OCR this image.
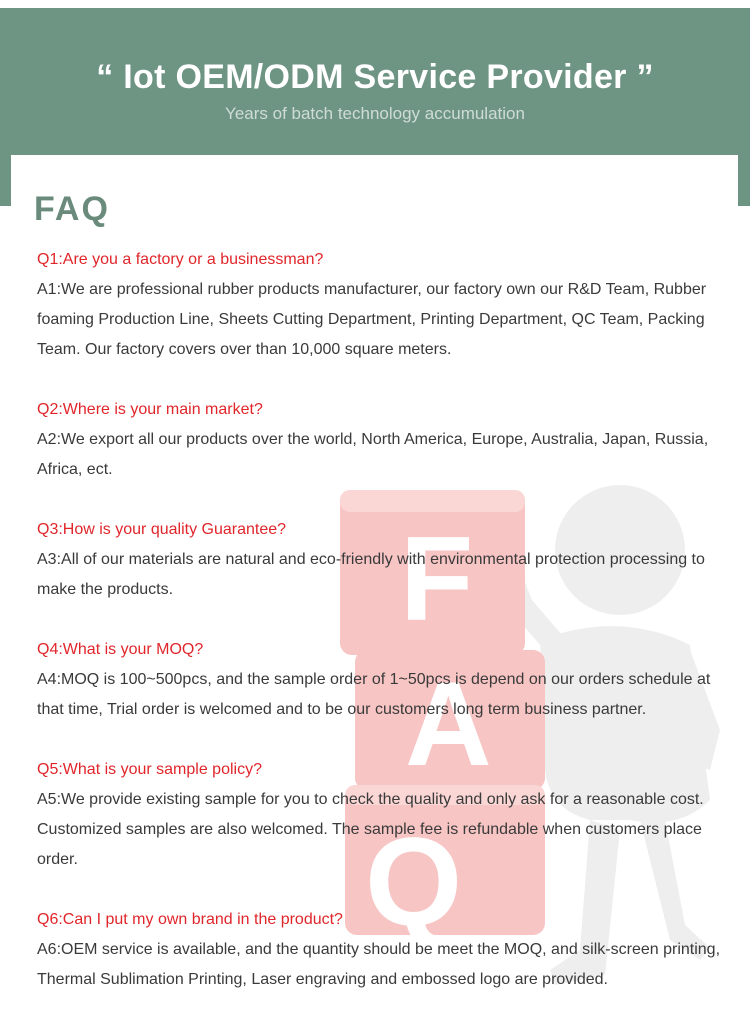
“ Iot OEM/ODM Service Provider ”
Years of batch technology accumulation
F
A
Q
FAQ
Q1:Are you a factory or a businessman?
A1:We are professional rubber products manufacturer, our factory own our R&D Team, Rubber foaming Production Line, Sheets Cutting Department, Printing Department, QC Team, Packing Team. Our factory covers over than 10,000 square meters.
Q2:Where is your main market?
A2:We export all our products over the world, North America, Europe, Australia, Japan, Russia, Africa, ect.
Q3:How is your quality Guarantee?
A3:All of our materials are natural and eco-friendly with environmental protection processing to make the products.
Q4:What is your MOQ?
A4:MOQ is 100~500pcs, and the sample order of 1~50pcs is depend on our orders schedule at that time, Trial order is welcomed and to be our customers long term business partner.
Q5:What is your sample policy?
A5:We provide existing sample for you to check the quality and only ask for a reasonable cost. Customized samples are also welcomed. The sample fee is refundable when customers place order.
Q6:Can I put my own brand in the product?
A6:OEM service is available, and the quantity should be meet the MOQ, and silk-screen printing, Thermal Sublimation Printing, Laser engraving and embossed logo are provided.
